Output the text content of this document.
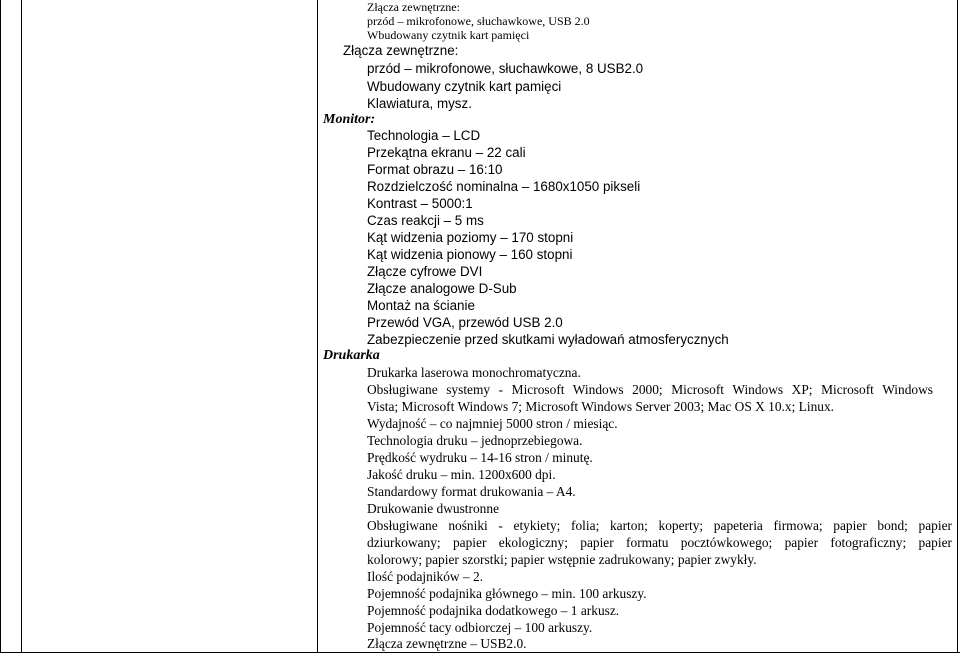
Złącza zewnętrzne:
przód – mikrofonowe, słuchawkowe, USB 2.0
Wbudowany czytnik kart pamięci
Złącza zewnętrzne:
przód – mikrofonowe, słuchawkowe, 8 USB2.0
Wbudowany czytnik kart pamięci
Klawiatura, mysz.
Monitor:
Technologia – LCD
Przekątna ekranu – 22 cali
Format obrazu – 16:10
Rozdzielczość nominalna – 1680x1050 pikseli
Kontrast – 5000:1
Czas reakcji – 5 ms
Kąt widzenia poziomy – 170 stopni
Kąt widzenia pionowy – 160 stopni
Złącze cyfrowe DVI
Złącze analogowe D-Sub
Montaż na ścianie
Przewód VGA, przewód USB 2.0
Zabezpieczenie przed skutkami wyładowań atmosferycznych
Drukarka
Drukarka laserowa monochromatyczna.
Obsługiwane systemy - Microsoft Windows 2000; Microsoft Windows XP; Microsoft Windows
Vista; Microsoft Windows 7; Microsoft Windows Server 2003; Mac OS X 10.x; Linux.
Wydajność – co najmniej 5000 stron / miesiąc.
Technologia druku – jednoprzebiegowa.
Prędkość wydruku – 14-16 stron / minutę.
Jakość druku – min. 1200x600 dpi.
Standardowy format drukowania – A4.
Drukowanie dwustronne
Obsługiwane nośniki - etykiety; folia; karton; koperty; papeteria firmowa; papier bond; papier
dziurkowany; papier ekologiczny; papier formatu pocztówkowego; papier fotograficzny; papier
kolorowy; papier szorstki; papier wstępnie zadrukowany; papier zwykły.
Ilość podajników – 2.
Pojemność podajnika głównego – min. 100 arkuszy.
Pojemność podajnika dodatkowego – 1 arkusz.
Pojemność tacy odbiorczej – 100 arkuszy.
Złącza zewnętrzne – USB2.0.
